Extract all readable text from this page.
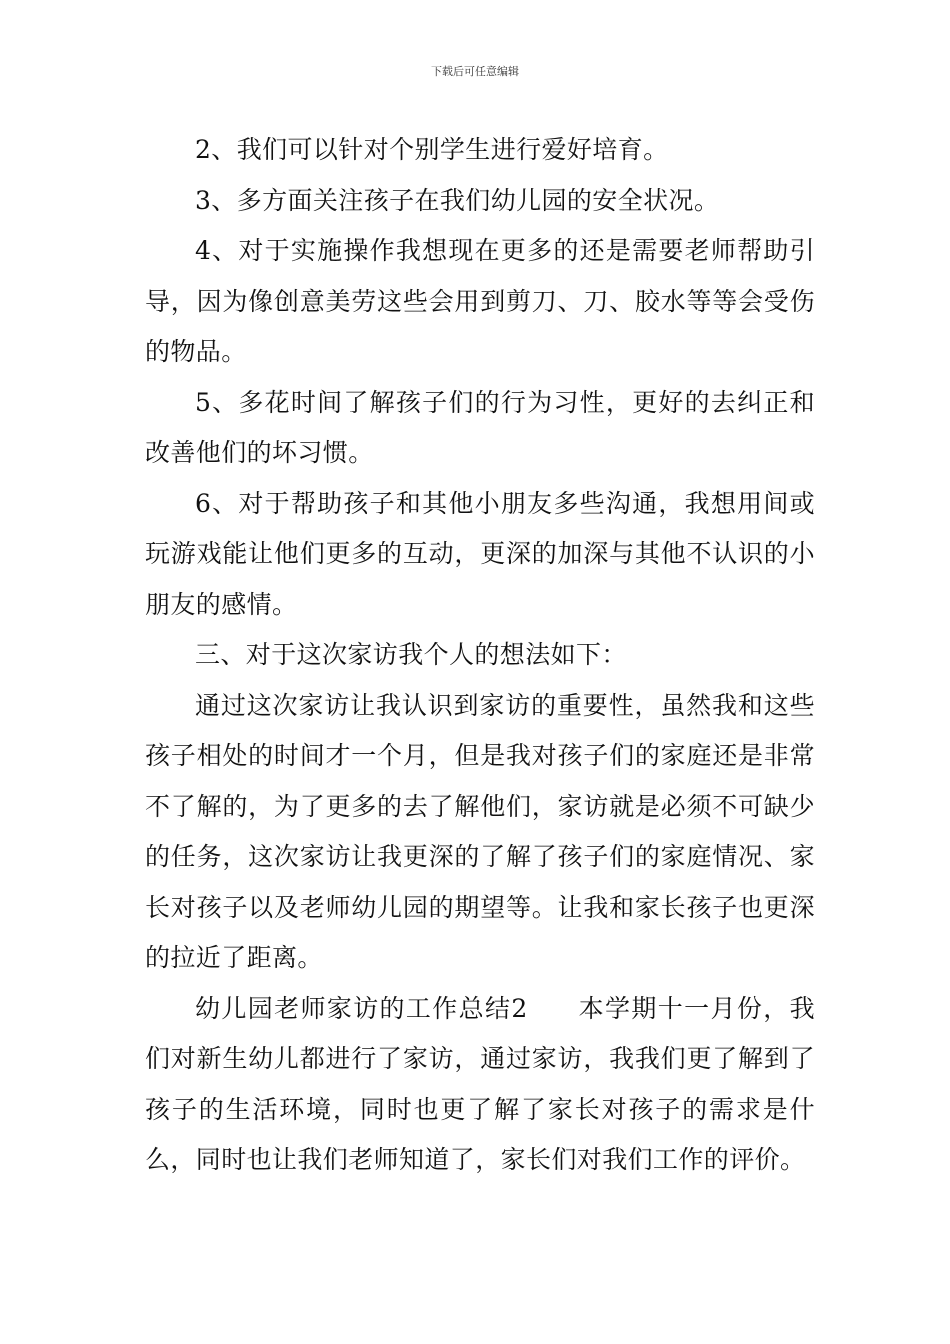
下载后可任意编辑

2、我们可以针对个别学生进行爱好培育。

3、多方面关注孩子在我们幼儿园的安全状况。

4、对于实施操作我想现在更多的还是需要老师帮助引导，因为像创意美劳这些会用到剪刀、刀、胶水等等会受伤的物品。

5、多花时间了解孩子们的行为习性，更好的去纠正和改善他们的坏习惯。

6、对于帮助孩子和其他小朋友多些沟通，我想用间或玩游戏能让他们更多的互动，更深的加深与其他不认识的小朋友的感情。

三、对于这次家访我个人的想法如下：

通过这次家访让我认识到家访的重要性，虽然我和这些孩子相处的时间才一个月，但是我对孩子们的家庭还是非常不了解的，为了更多的去了解他们，家访就是必须不可缺少的任务，这次家访让我更深的了解了孩子们的家庭情况、家长对孩子以及老师幼儿园的期望等。让我和家长孩子也更深的拉近了距离。

幼儿园老师家访的工作总结2 本学期十一月份，我们对新生幼儿都进行了家访，通过家访，我我们更了解到了孩子的生活环境，同时也更了解了家长对孩子的需求是什么，同时也让我们老师知道了，家长们对我们工作的评价。
